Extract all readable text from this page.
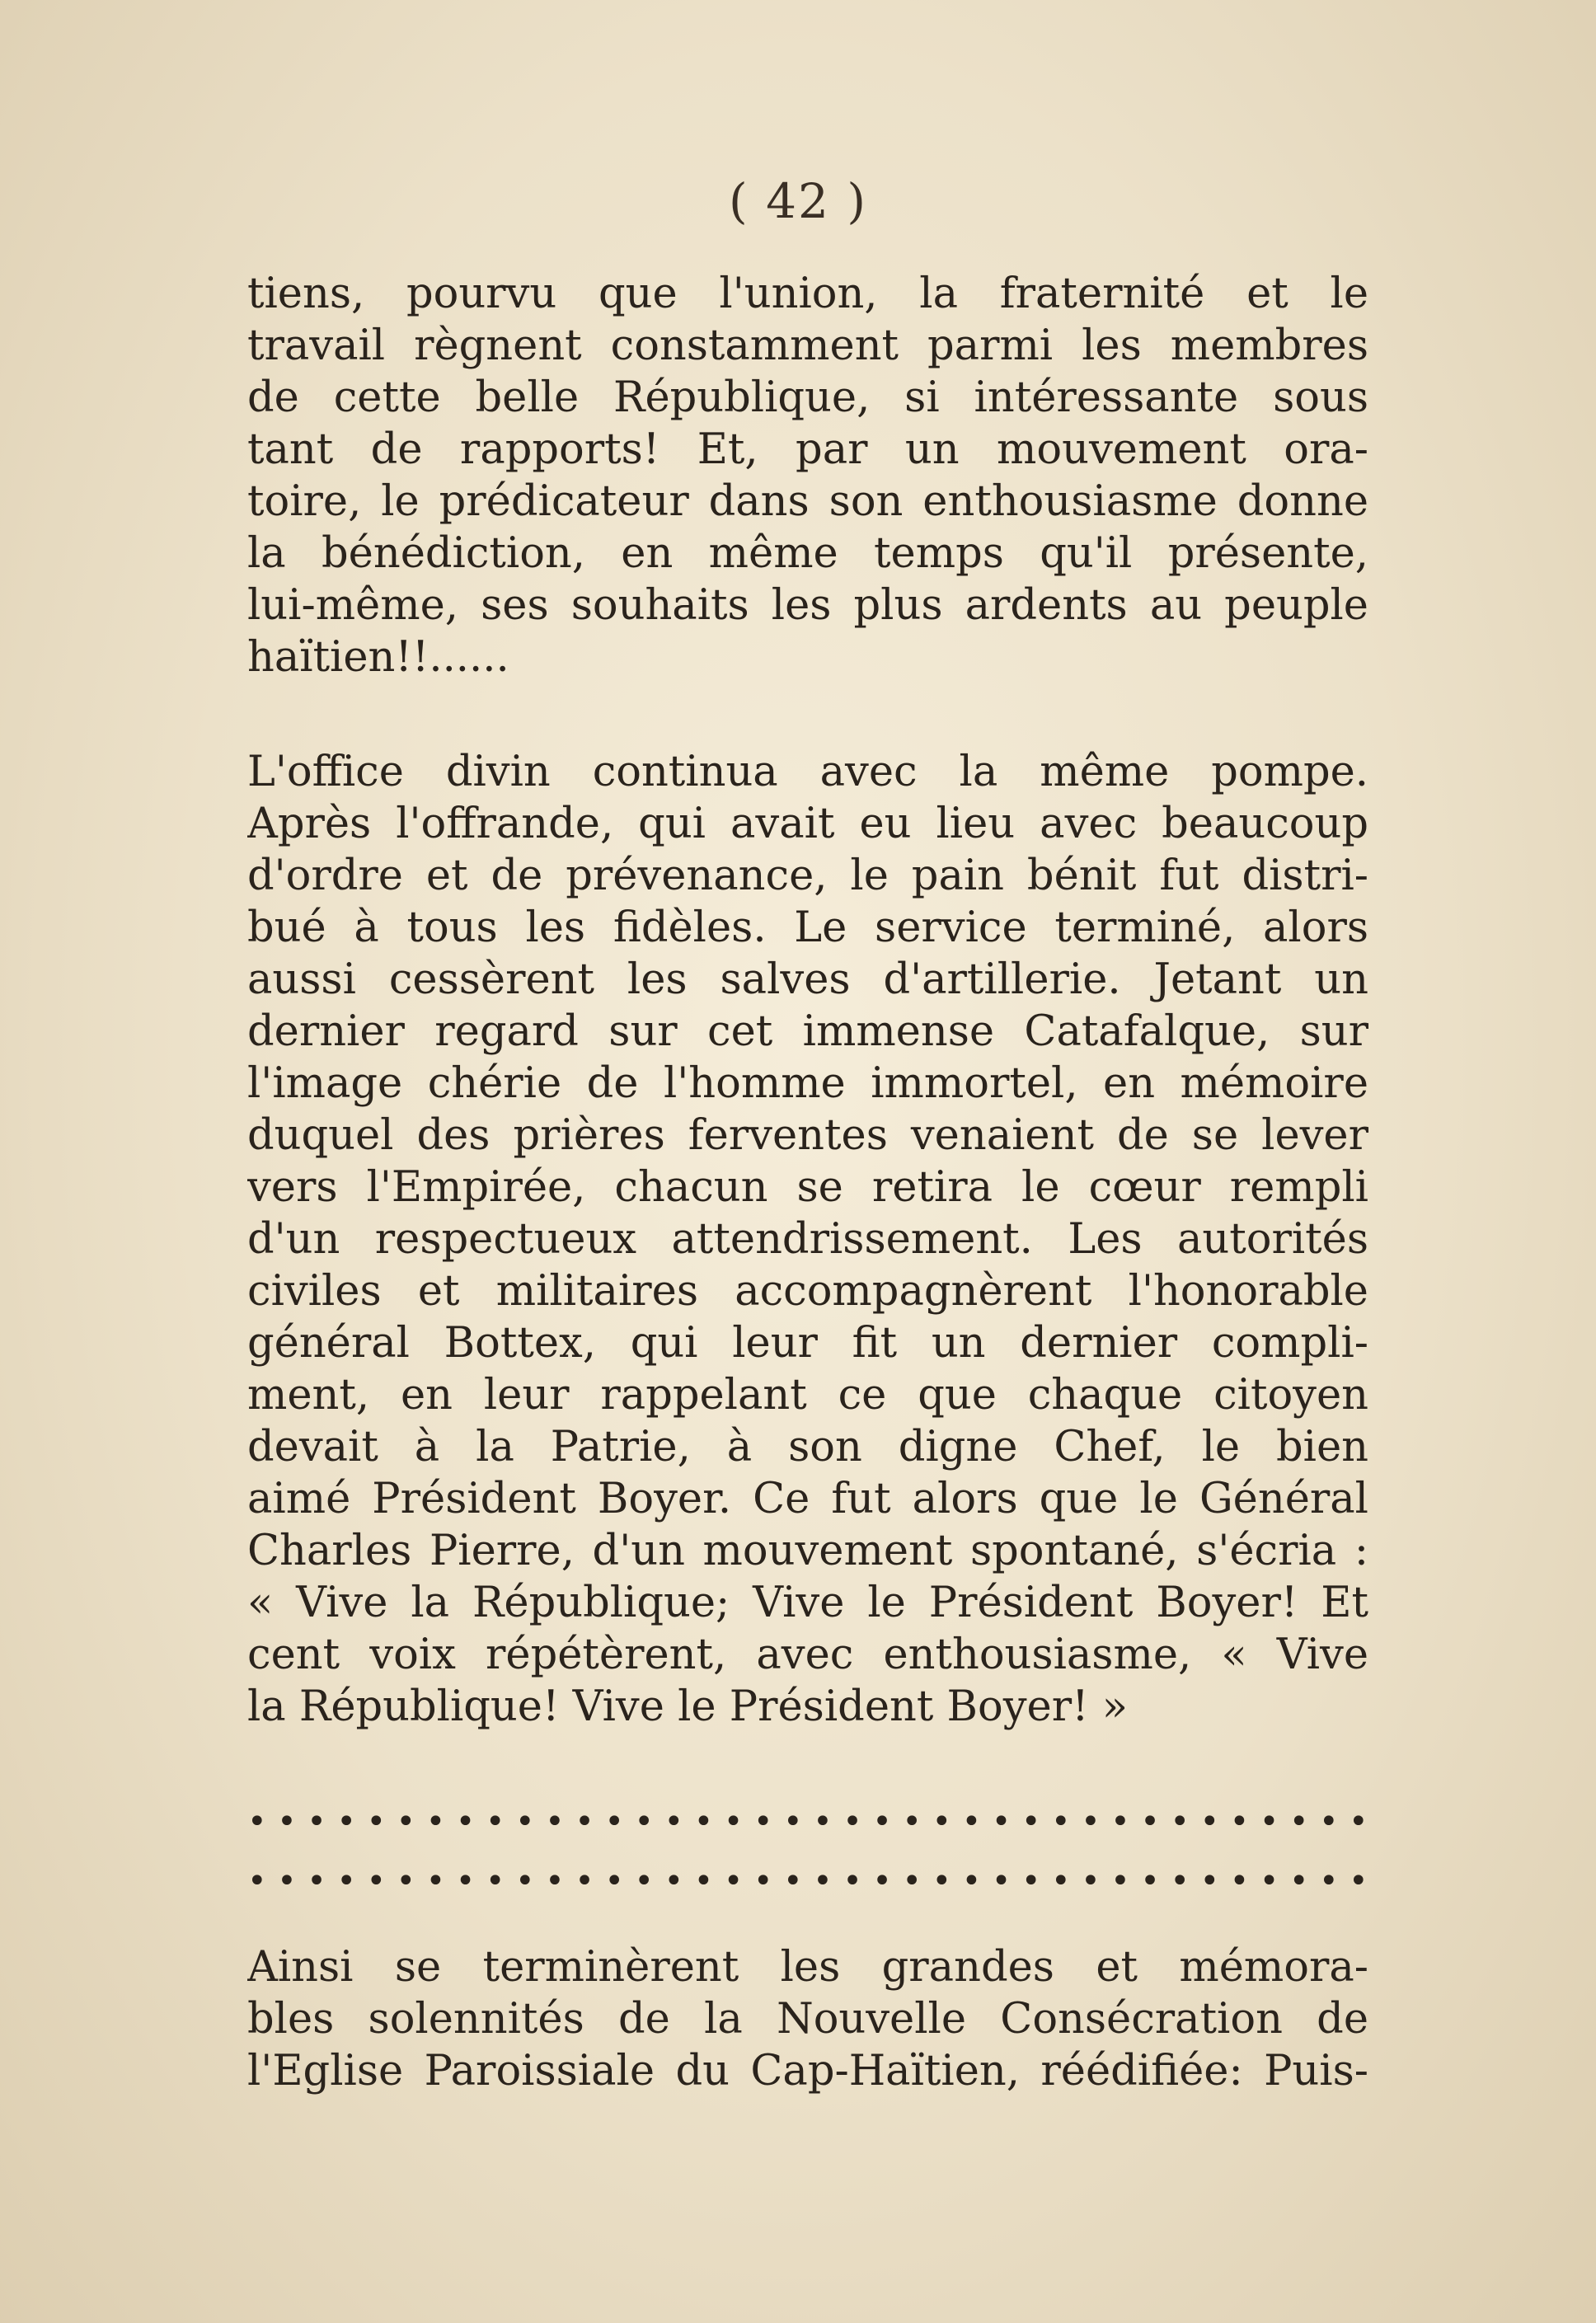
( 42 )
tiens, pourvu que l'union, la fraternité et le
travail règnent constamment parmi les membres
de cette belle République, si intéressante sous
tant de rapports! Et, par un mouvement ora-
toire, le prédicateur dans son enthousiasme donne
la bénédiction, en même temps qu'il présente,
lui-même, ses souhaits les plus ardents au peuple
haïtien!!......
L'office divin continua avec la même pompe.
Après l'offrande, qui avait eu lieu avec beaucoup
d'ordre et de prévenance, le pain bénit fut distri-
bué à tous les fidèles. Le service terminé, alors
aussi cessèrent les salves d'artillerie. Jetant un
dernier regard sur cet immense Catafalque, sur
l'image chérie de l'homme immortel, en mémoire
duquel des prières ferventes venaient de se lever
vers l'Empirée, chacun se retira le cœur rempli
d'un respectueux attendrissement. Les autorités
civiles et militaires accompagnèrent l'honorable
général Bottex, qui leur fit un dernier compli-
ment, en leur rappelant ce que chaque citoyen
devait à la Patrie, à son digne Chef, le bien
aimé Président Boyer. Ce fut alors que le Général
Charles Pierre, d'un mouvement spontané, s'écria :
« Vive la République; Vive le Président Boyer! Et
cent voix répétèrent, avec enthousiasme, « Vive
la République! Vive le Président Boyer! »
• • • • • • • • • • • • • • • • • • • • • • • • • • • • • • • • • • • • • •
• • • • • • • • • • • • • • • • • • • • • • • • • • • • • • • • • • • • • •
Ainsi se terminèrent les grandes et mémora-
bles solennités de la Nouvelle Consécration de
l'Eglise Paroissiale du Cap-Haïtien, réédifiée: Puis-
